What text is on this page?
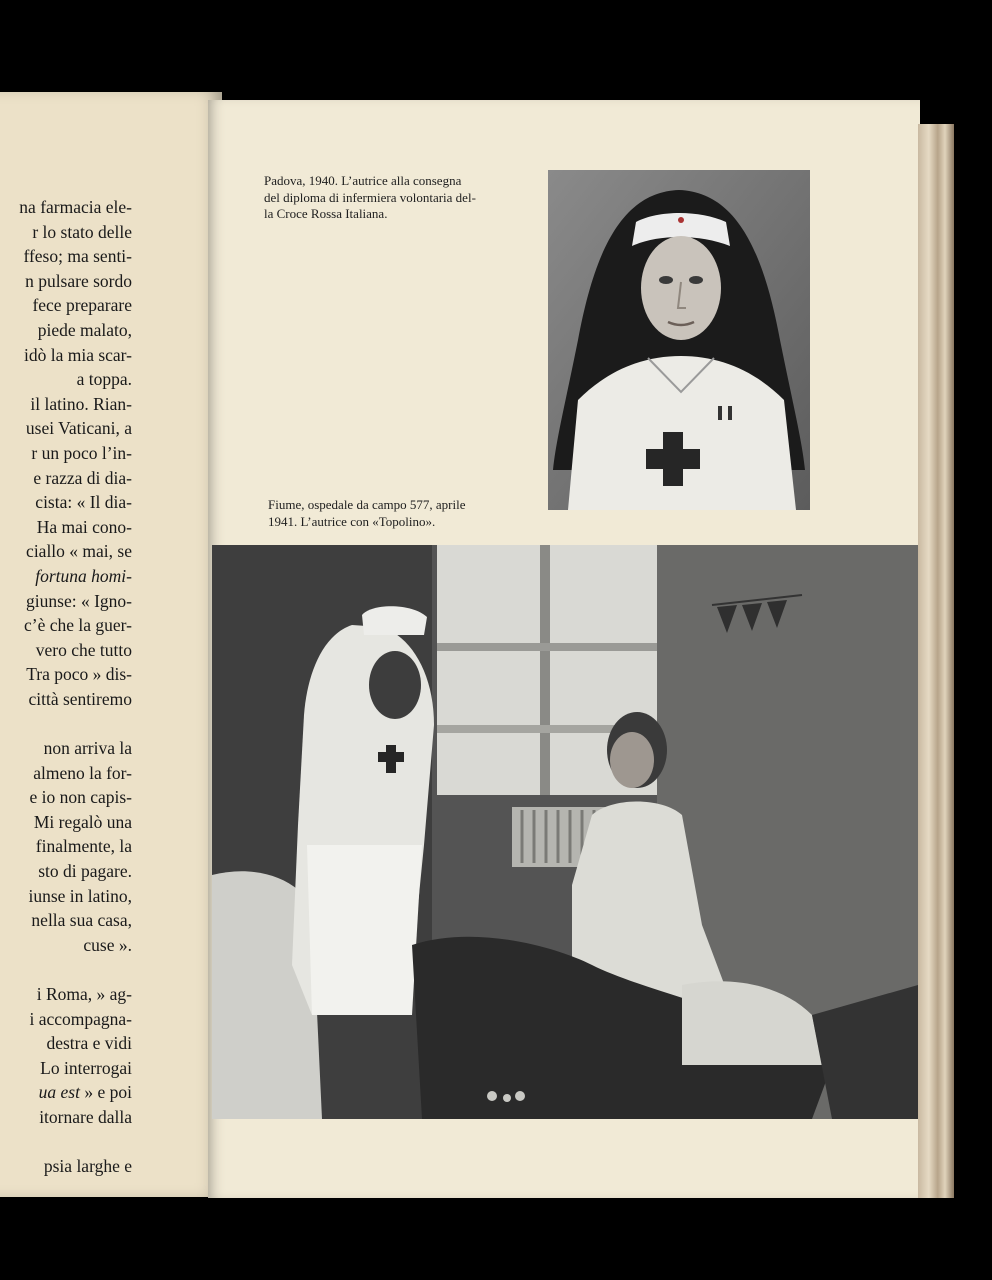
na farmacia ele-
r lo stato delle
ffeso; ma senti-
n pulsare sordo
fece preparare
piede malato,
idò la mia scar-
a toppa.
il latino. Rian-
usei Vaticani, a
r un poco l’in-
e razza di dia-
cista: « Il dia-
Ha mai cono-
ciallo « mai, se
fortuna homi-
giunse: « Igno-
c’è che la guer-
vero che tutto
Tra poco » dis-
città sentiremo
non arriva la
almeno la for-
e io non capis-
Mi regalò una
finalmente, la
sto di pagare.
iunse in latino,
nella sua casa,
cuse ».
i Roma, » ag-
i accompagna-
destra e vidi
Lo interrogai
ua est » e poi
itornare dalla
psia larghe e
Padova, 1940. L’autrice alla consegna
del diploma di infermiera volontaria del-
la Croce Rossa Italiana.
Fiume, ospedale da campo 577, aprile
1941. L’autrice con «Topolino».
